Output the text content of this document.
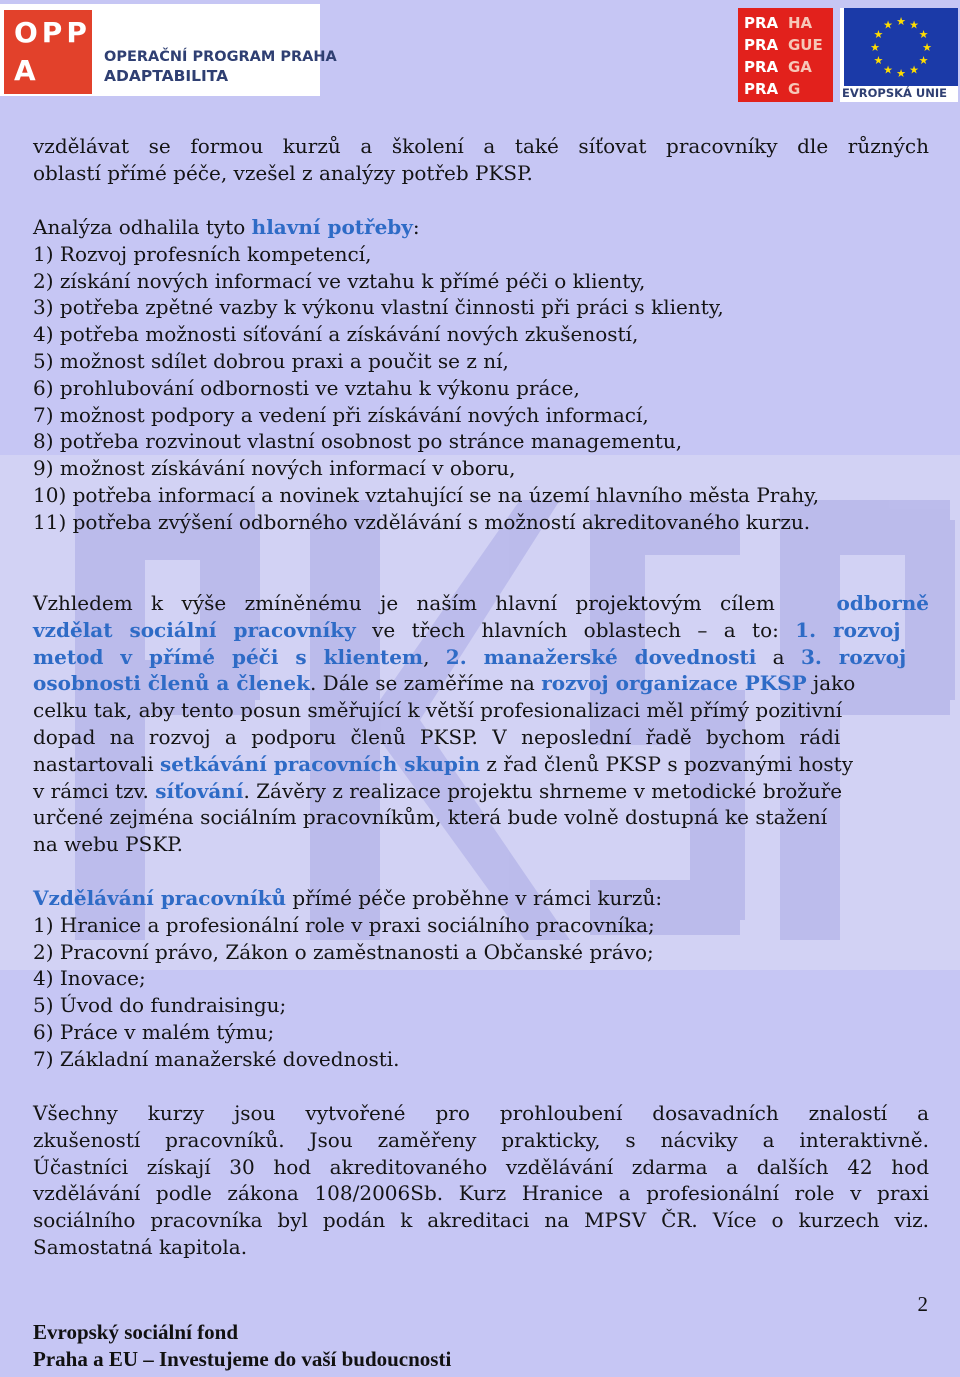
OPP A	OPERAČNÍ PROGRAM PRAHA
ADAPTABILITA
PRA HA
PRA GUE
PRA GA
PRA G
★ ★
★
★
★
★
★
★
★
★
★
★
EVROPSKÁ UNIE
vzdělávat se formou kurzů a školení a také síťovat pracovníky dle různých
oblastí přímé péče, vzešel z analýzy potřeb PKSP.
Analýza odhalila tyto hlavní potřeby:
1) Rozvoj profesních kompetencí,
2) získání nových informací ve vztahu k přímé péči o klienty,
3) potřeba zpětné vazby k výkonu vlastní činnosti při práci s klienty,
4) potřeba možnosti síťování a získávání nových zkušeností,
5) možnost sdílet dobrou praxi a poučit se z ní,
6) prohlubování odbornosti ve vztahu k výkonu práce,
7) možnost podpory a vedení při získávání nových informací,
8) potřeba rozvinout vlastní osobnost po stránce managementu,
9) možnost získávání nových informací v oboru,
10) potřeba informací a novinek vztahující se na území hlavního města Prahy,
11) potřeba zvýšení odborného vzdělávání s možností akreditovaného kurzu.
Vzhledem k výše zmíněnému je naším hlavní projektovým cílem	odborně
vzdělat sociální pracovníky ve třech hlavních oblastech – a to: 1. rozvoj
metod v přímé péči s klientem, 2. manažerské dovednosti a 3. rozvoj
osobnosti členů a členek. Dále se zaměříme na rozvoj organizace PKSP jako
celku tak, aby tento posun směřující k větší profesionalizaci měl přímý pozitivní
dopad na rozvoj a podporu členů PKSP. V neposlední řadě bychom rádi
nastartovali setkávání pracovních skupin z řad členů PKSP s pozvanými hosty
v rámci tzv. síťování. Závěry z realizace projektu shrneme v metodické brožuře
určené zejména sociálním pracovníkům, která bude volně dostupná ke stažení
na webu PSKP.
Vzdělávání pracovníků přímé péče proběhne v rámci kurzů:
1) Hranice a profesionální role v praxi sociálního pracovníka;
2) Pracovní právo, Zákon o zaměstnanosti a Občanské právo;
4) Inovace;
5) Úvod do fundraisingu;
6) Práce v malém týmu;
7) Základní manažerské dovednosti.
Všechny kurzy jsou vytvořené pro prohloubení dosavadních znalostí a
zkušeností pracovníků. Jsou zaměřeny prakticky, s nácviky a interaktivně.
Účastníci získají 30 hod akreditovaného vzdělávání zdarma a dalších 42 hod
vzdělávání podle zákona 108/2006Sb. Kurz Hranice a profesionální role v praxi
sociálního pracovníka byl podán k akreditaci na MPSV ČR. Více o kurzech viz.
Samostatná kapitola.
2
Evropský sociální fond
Praha a EU – Investujeme do vaší budoucnosti
